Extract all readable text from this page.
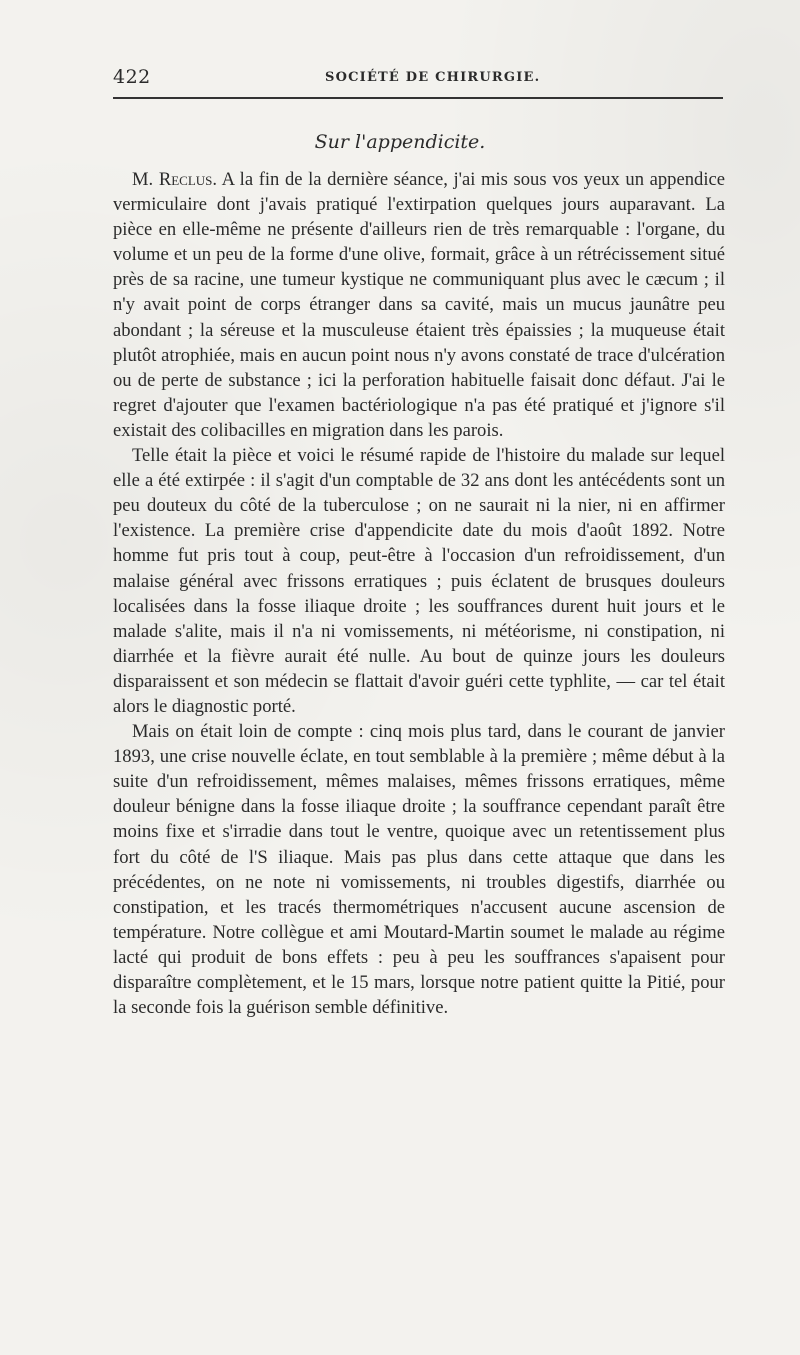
422	SOCIÉTÉ DE CHIRURGIE.
Sur l'appendicite.

M. Reclus. A la fin de la dernière séance, j'ai mis sous vos yeux un appendice vermiculaire dont j'avais pratiqué l'extirpation quelques jours auparavant. La pièce en elle-même ne présente d'ailleurs rien de très remarquable : l'organe, du volume et un peu de la forme d'une olive, formait, grâce à un rétrécissement situé près de sa racine, une tumeur kystique ne communiquant plus avec le cæcum ; il n'y avait point de corps étranger dans sa cavité, mais un mucus jaunâtre peu abondant ; la séreuse et la musculeuse étaient très épaissies ; la muqueuse était plutôt atrophiée, mais en aucun point nous n'y avons constaté de trace d'ulcération ou de perte de substance ; ici la perforation habituelle faisait donc défaut. J'ai le regret d'ajouter que l'examen bactériologique n'a pas été pratiqué et j'ignore s'il existait des colibacilles en migration dans les parois.

Telle était la pièce et voici le résumé rapide de l'histoire du malade sur lequel elle a été extirpée : il s'agit d'un comptable de 32 ans dont les antécédents sont un peu douteux du côté de la tuberculose ; on ne saurait ni la nier, ni en affirmer l'existence. La première crise d'appendicite date du mois d'août 1892. Notre homme fut pris tout à coup, peut-être à l'occasion d'un refroidissement, d'un malaise général avec frissons erratiques ; puis éclatent de brusques douleurs localisées dans la fosse iliaque droite ; les souffrances durent huit jours et le malade s'alite, mais il n'a ni vomissements, ni météorisme, ni constipation, ni diarrhée et la fièvre aurait été nulle. Au bout de quinze jours les douleurs disparaissent et son médecin se flattait d'avoir guéri cette typhlite, — car tel était alors le diagnostic porté.

Mais on était loin de compte : cinq mois plus tard, dans le courant de janvier 1893, une crise nouvelle éclate, en tout semblable à la première ; même début à la suite d'un refroidissement, mêmes malaises, mêmes frissons erratiques, même douleur bénigne dans la fosse iliaque droite ; la souffrance cependant paraît être moins fixe et s'irradie dans tout le ventre, quoique avec un retentissement plus fort du côté de l'S iliaque. Mais pas plus dans cette attaque que dans les précédentes, on ne note ni vomissements, ni troubles digestifs, diarrhée ou constipation, et les tracés thermométriques n'accusent aucune ascension de température. Notre collègue et ami Moutard-Martin soumet le malade au régime lacté qui produit de bons effets : peu à peu les souffrances s'apaisent pour disparaître complètement, et le 15 mars, lorsque notre patient quitte la Pitié, pour la seconde fois la guérison semble définitive.
